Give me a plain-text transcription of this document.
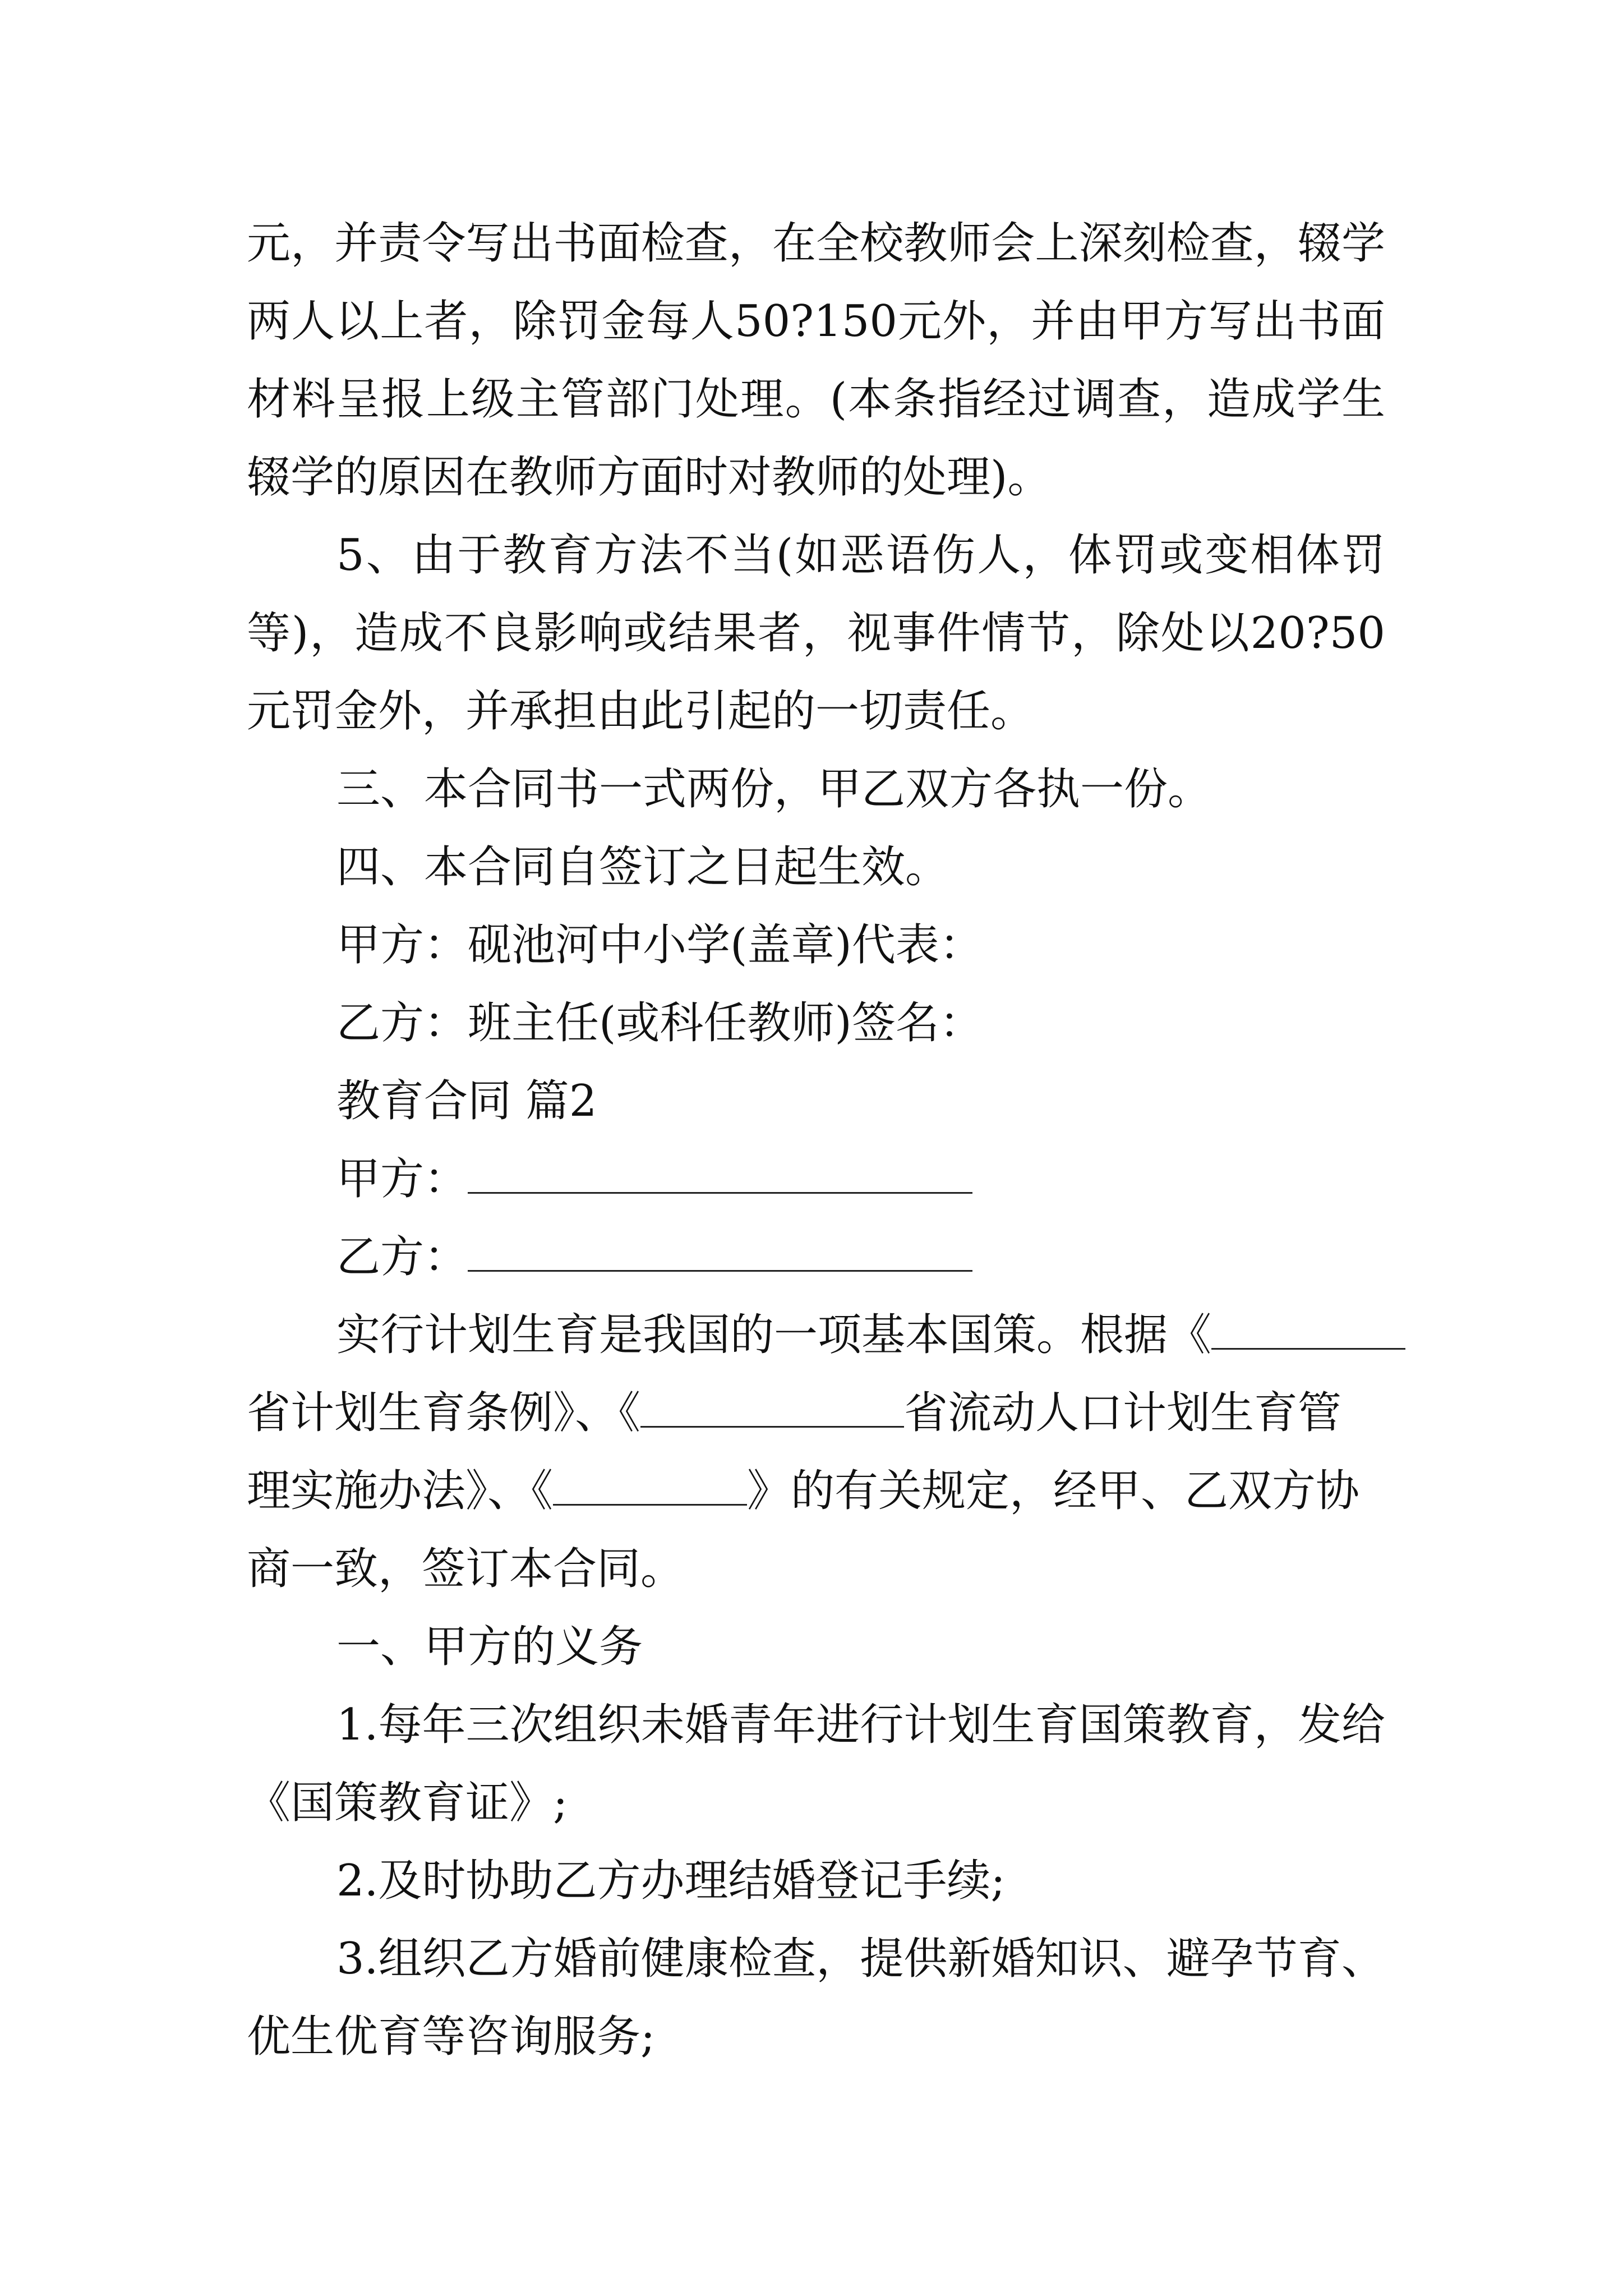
元，并责令写出书面检查，在全校教师会上深刻检查，辍学
两人以上者，除罚金每人50?150元外，并由甲方写出书面
材料呈报上级主管部门处理。(本条指经过调查，造成学生
辍学的原因在教师方面时对教师的处理)。
5、由于教育方法不当(如恶语伤人，体罚或变相体罚
等)，造成不良影响或结果者，视事件情节，除处以20?50
元罚金外，并承担由此引起的一切责任。
三、本合同书一式两份，甲乙双方各执一份。
四、本合同自签订之日起生效。
甲方：砚池河中小学(盖章)代表：
乙方：班主任(或科任教师)签名：
教育合同 篇2
甲方：
乙方：
实行计划生育是我国的一项基本国策。根据《
省计划生育条例》、《	省流动人口计划生育管
理实施办法》、《	》的有关规定，经甲、乙双方协
商一致，签订本合同。
一、甲方的义务
1.每年三次组织未婚青年进行计划生育国策教育，发给
《国策教育证》;
2.及时协助乙方办理结婚登记手续;
3.组织乙方婚前健康检查，提供新婚知识、避孕节育、
优生优育等咨询服务;
